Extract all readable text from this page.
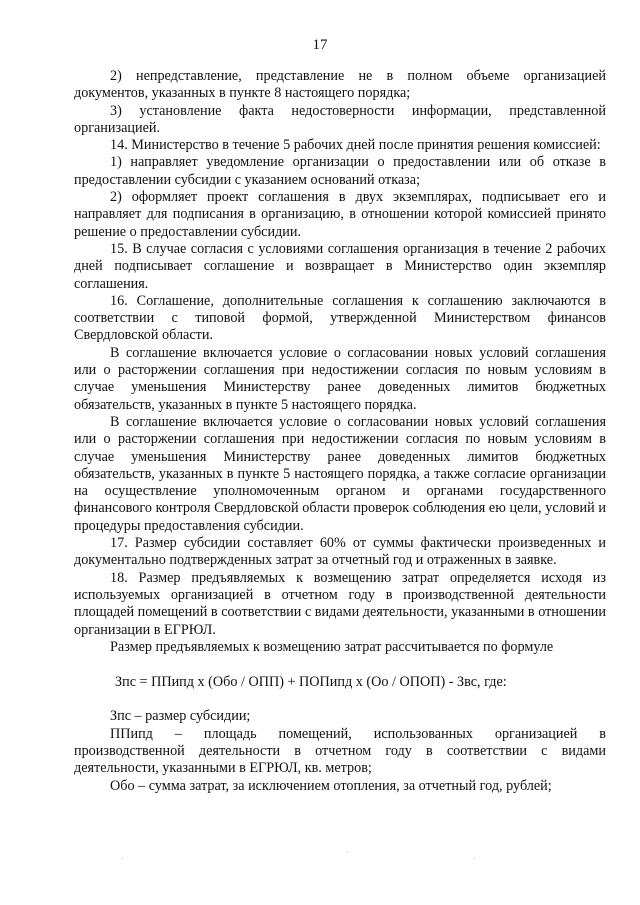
17

2) непредставление, представление не в полном объеме организацией документов, указанных в пункте 8 настоящего порядка;

3) установление факта недостоверности информации, представленной организацией.

14. Министерство в течение 5 рабочих дней после принятия решения комиссией:

1) направляет уведомление организации о предоставлении или об отказе в предоставлении субсидии с указанием оснований отказа;

2) оформляет проект соглашения в двух экземплярах, подписывает его и направляет для подписания в организацию, в отношении которой комиссией принято решение о предоставлении субсидии.

15. В случае согласия с условиями соглашения организация в течение 2 рабочих дней подписывает соглашение и возвращает в Министерство один экземпляр соглашения.

16. Соглашение, дополнительные соглашения к соглашению заключаются в соответствии с типовой формой, утвержденной Министерством финансов Свердловской области.

В соглашение включается условие о согласовании новых условий соглашения или о расторжении соглашения при недостижении согласия по новым условиям в случае уменьшения Министерству ранее доведенных лимитов бюджетных обязательств, указанных в пункте 5 настоящего порядка.

В соглашение включается условие о согласовании новых условий соглашения или о расторжении соглашения при недостижении согласия по новым условиям в случае уменьшения Министерству ранее доведенных лимитов бюджетных обязательств, указанных в пункте 5 настоящего порядка, а также согласие организации на осуществление уполномоченным органом и органами государственного финансового контроля Свердловской области проверок соблюдения ею цели, условий и процедуры предоставления субсидии.

17. Размер субсидии составляет 60% от суммы фактически произведенных и документально подтвержденных затрат за отчетный год и отраженных в заявке.

18. Размер предъявляемых к возмещению затрат определяется исходя из используемых организацией в отчетном году в производственной деятельности площадей помещений в соответствии с видами деятельности, указанными в отношении организации в ЕГРЮЛ.

Размер предъявляемых к возмещению затрат рассчитывается по формуле

Зпс = ППипд х (Обо / ОПП) + ПОПипд х (Оо / ОПОП) - Звс, где:

Зпс – размер субсидии;

ППипд – площадь помещений, использованных организацией в производственной деятельности в отчетном году в соответствии с видами деятельности, указанными в ЕГРЮЛ, кв. метров;

Обо – сумма затрат, за исключением отопления, за отчетный год, рублей;
